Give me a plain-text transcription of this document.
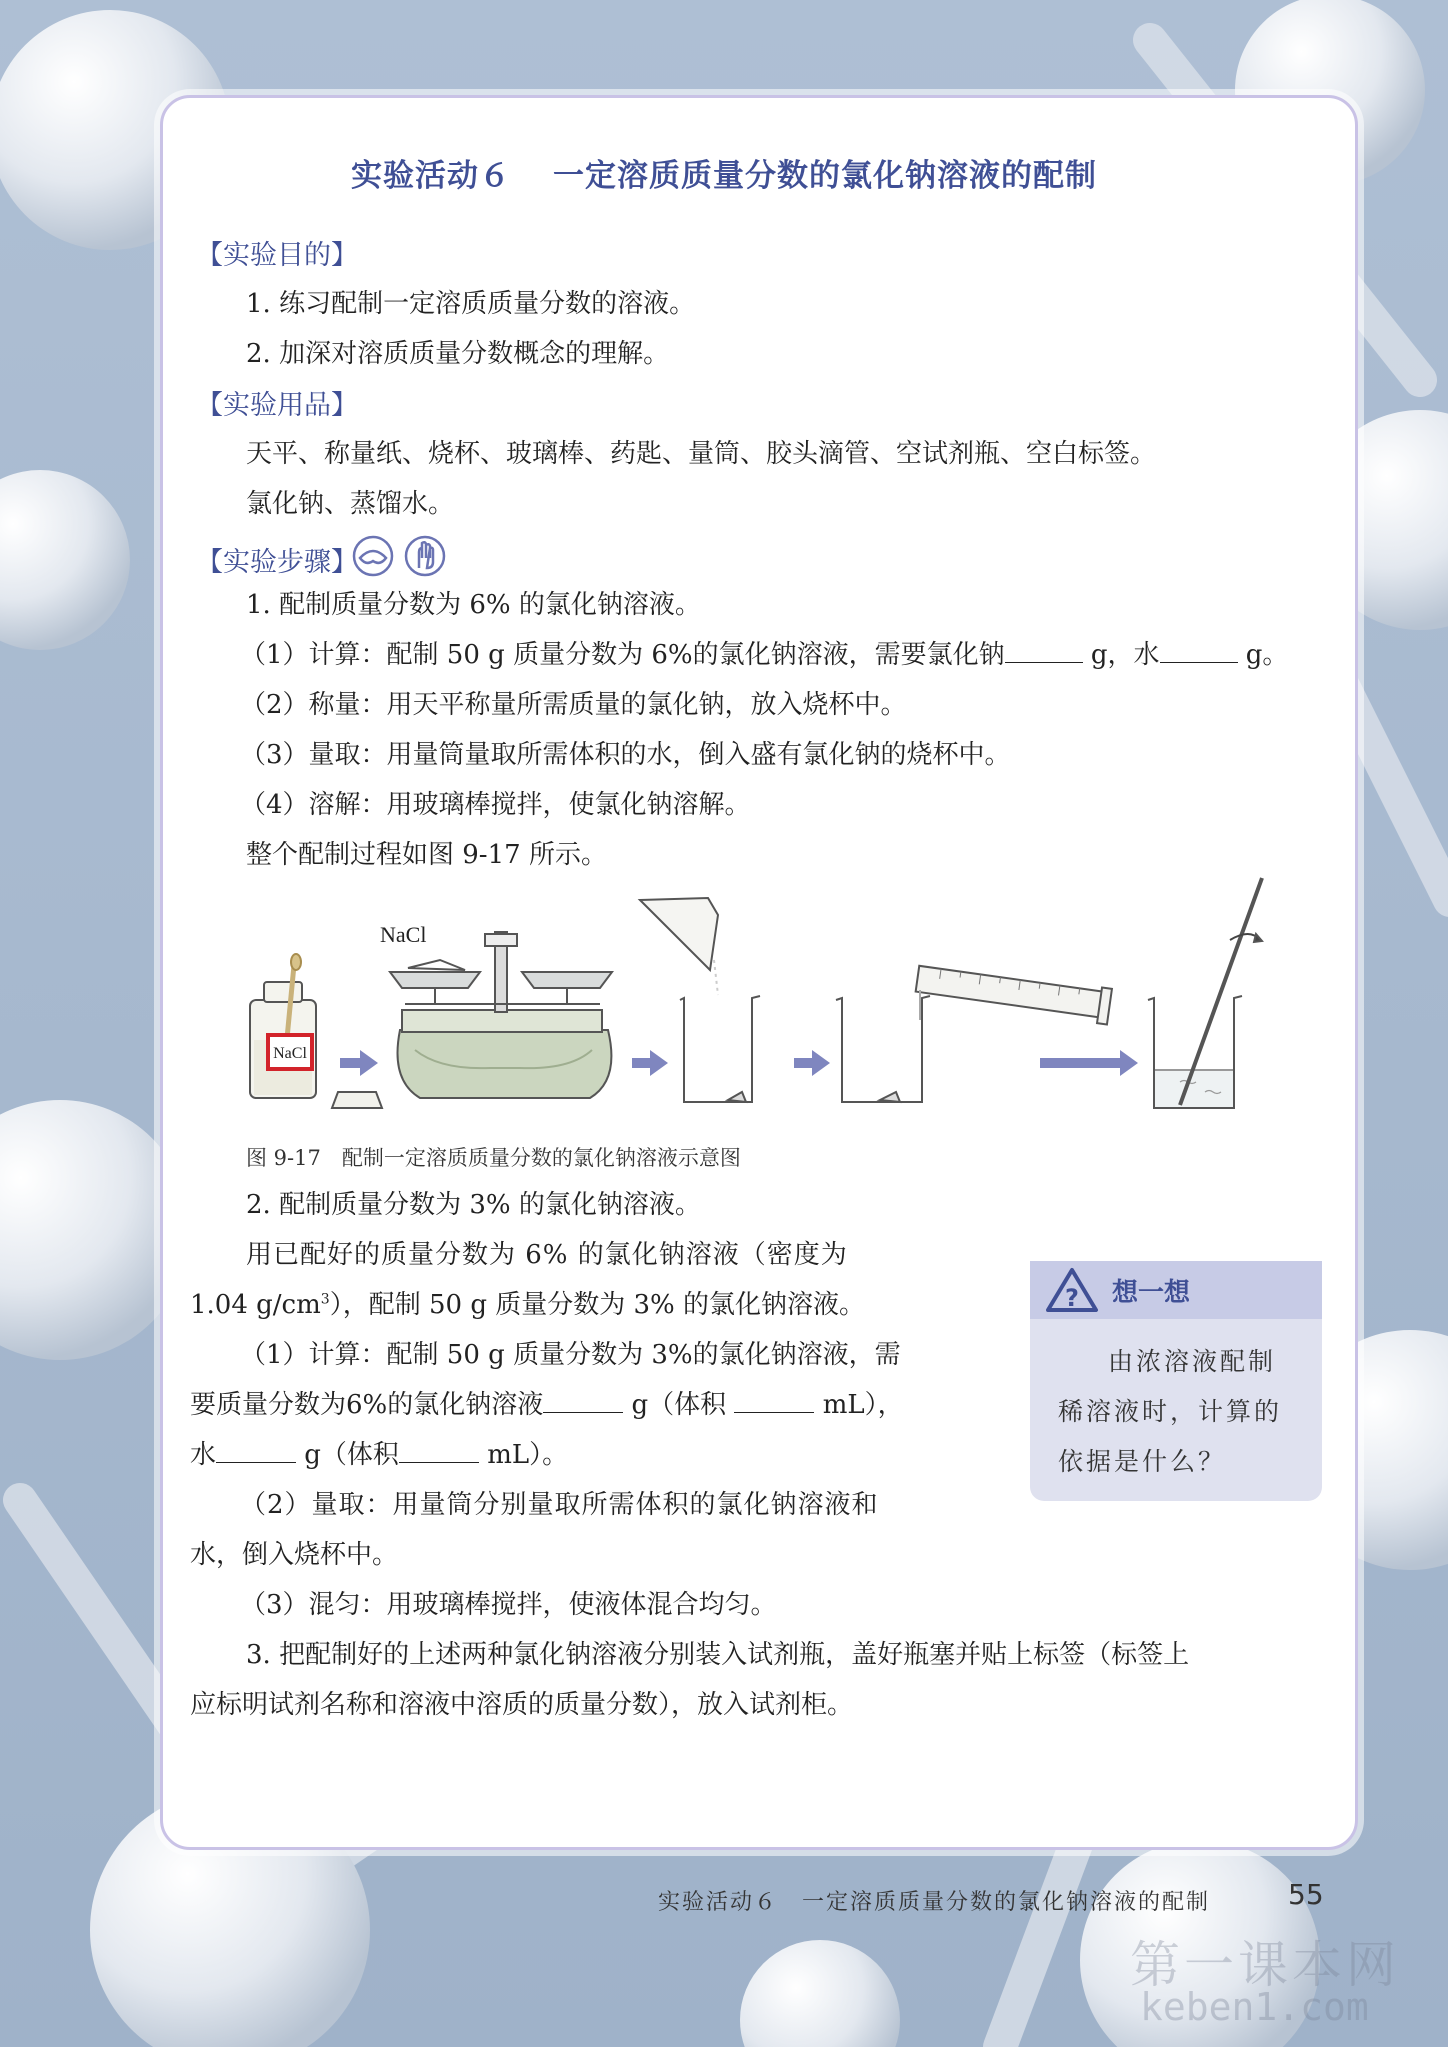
实验活动６ 一定溶质质量分数的氯化钠溶液的配制
【实验目的】
1. 练习配制一定溶质质量分数的溶液。
2. 加深对溶质质量分数概念的理解。
【实验用品】
天平、称量纸、烧杯、玻璃棒、药匙、量筒、胶头滴管、空试剂瓶、空白标签。
氯化钠、蒸馏水。
【实验步骤】
1. 配制质量分数为 6% 的氯化钠溶液。
（1）计算：配制 50 g 质量分数为 6%的氯化钠溶液，需要氯化钠	g，水	g。
（2）称量：用天平称量所需质量的氯化钠，放入烧杯中。
（3）量取：用量筒量取所需体积的水，倒入盛有氯化钠的烧杯中。
（4）溶解：用玻璃棒搅拌，使氯化钠溶解。
整个配制过程如图 9-17 所示。
NaCl
NaCl
图 9-17　配制一定溶质质量分数的氯化钠溶液示意图
2. 配制质量分数为 3% 的氯化钠溶液。
用已配好的质量分数为 6% 的氯化钠溶液（密度为
1.04 $g/cm^3$），配制 50 g 质量分数为 3% 的氯化钠溶液。
（1）计算：配制 50 g 质量分数为 3%的氯化钠溶液，需
要质量分数为6%的氯化钠溶液	g（体积	mL），
水	g（体积	mL）。
（2）量取：用量筒分别量取所需体积的氯化钠溶液和
水，倒入烧杯中。
（3）混匀：用玻璃棒搅拌，使液体混合均匀。
3. 把配制好的上述两种氯化钠溶液分别装入试剂瓶，盖好瓶塞并贴上标签（标签上
应标明试剂名称和溶液中溶质的质量分数），放入试剂柜。
? 想一想
由浓溶液配制
稀溶液时，计算的
依据是什么？
实验活动６　一定溶质质量分数的氯化钠溶液的配制	55
第一课本网
keben1.com
